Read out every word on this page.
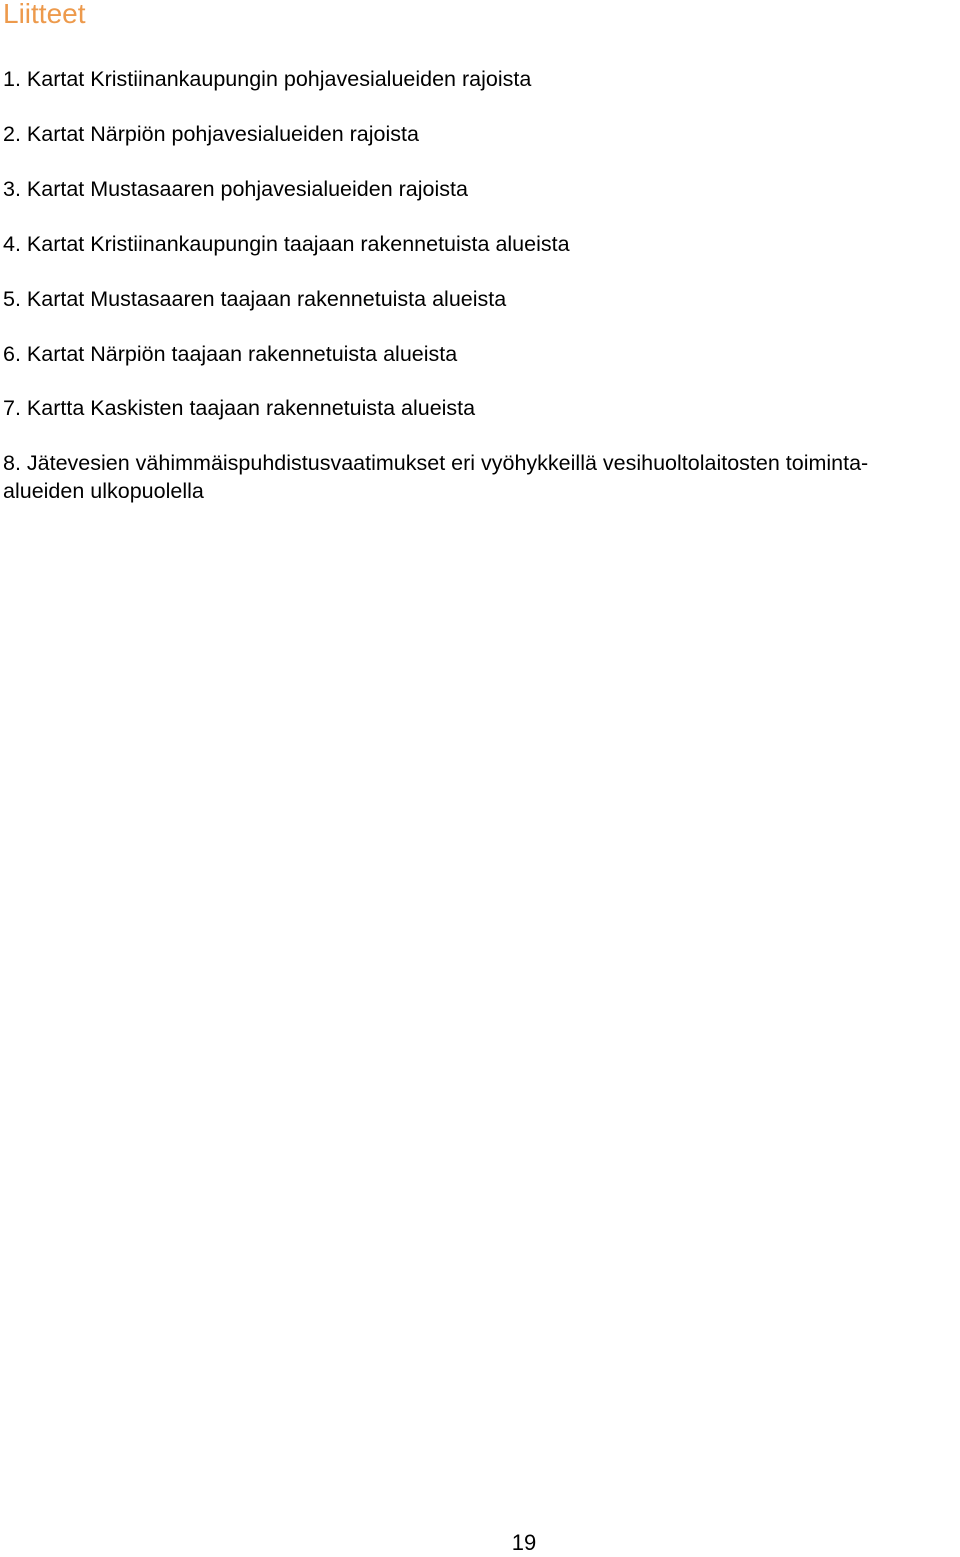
Liitteet

1. Kartat Kristiinankaupungin pohjavesialueiden rajoista

2. Kartat Närpiön pohjavesialueiden rajoista

3. Kartat Mustasaaren pohjavesialueiden rajoista

4. Kartat Kristiinankaupungin taajaan rakennetuista alueista

5. Kartat Mustasaaren taajaan rakennetuista alueista

6. Kartat Närpiön taajaan rakennetuista alueista

7. Kartta Kaskisten taajaan rakennetuista alueista

8. Jätevesien vähimmäispuhdistusvaatimukset eri vyöhykkeillä vesihuoltolaitosten toiminta-

alueiden ulkopuolella

19
